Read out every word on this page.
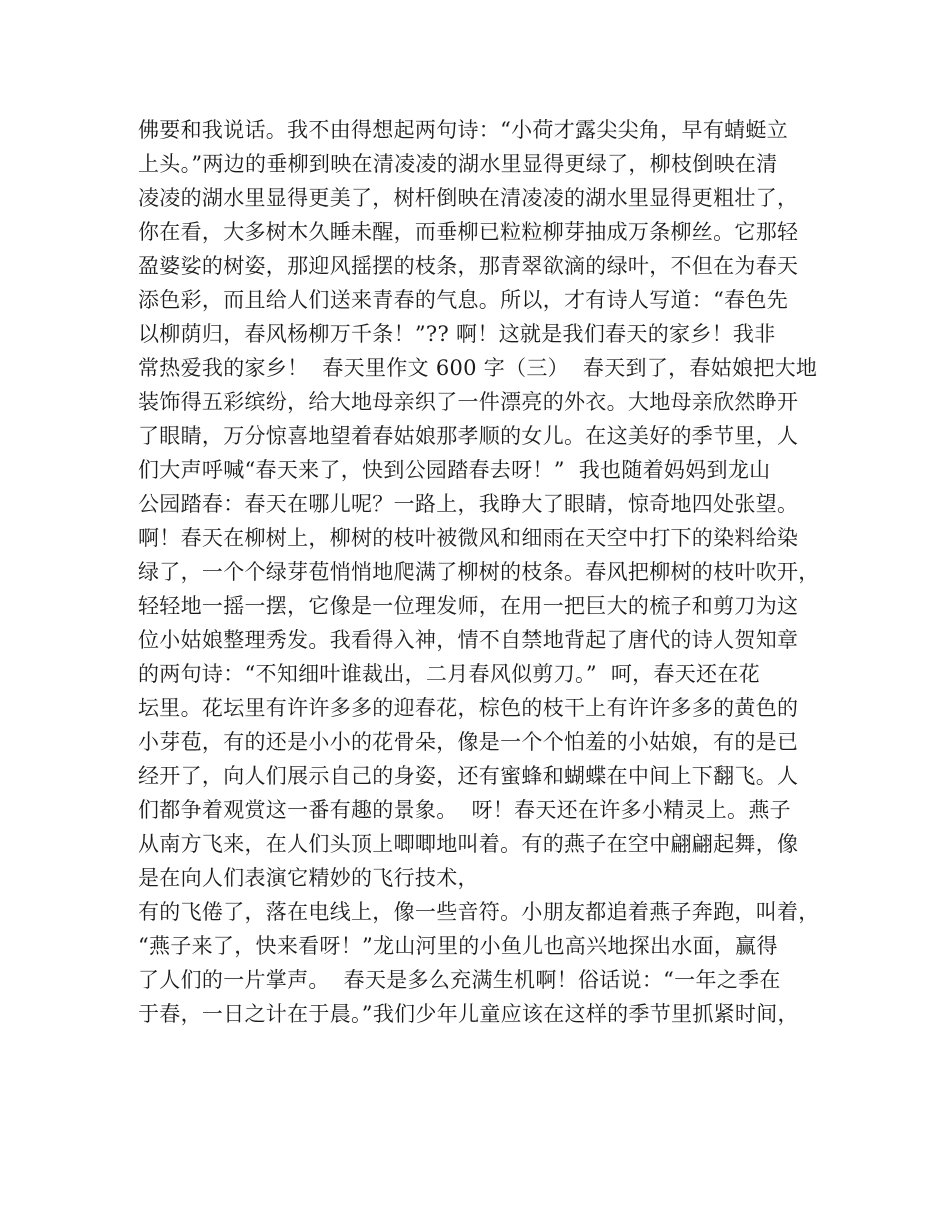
佛要和我说话。我不由得想起两句诗：“小荷才露尖尖角，早有蜻蜓立
上头。”两边的垂柳到映在清凌凌的湖水里显得更绿了，柳枝倒映在清
凌凌的湖水里显得更美了，树杆倒映在清凌凌的湖水里显得更粗壮了，
你在看，大多树木久睡未醒，而垂柳已粒粒柳芽抽成万条柳丝。它那轻
盈婆娑的树姿，那迎风摇摆的枝条，那青翠欲滴的绿叶，不但在为春天
添色彩，而且给人们送来青春的气息。所以，才有诗人写道：“春色先
以柳荫归，春风杨柳万千条！”?? 啊！这就是我们春天的家乡！我非
常热爱我的家乡！  春天里作文 600 字（三）  春天到了，春姑娘把大地
装饰得五彩缤纷，给大地母亲织了一件漂亮的外衣。大地母亲欣然睁开
了眼睛，万分惊喜地望着春姑娘那孝顺的女儿。在这美好的季节里，人
们大声呼喊“春天来了，快到公园踏春去呀！”  我也随着妈妈到龙山
公园踏春：春天在哪儿呢？一路上，我睁大了眼睛，惊奇地四处张望。
啊！春天在柳树上，柳树的枝叶被微风和细雨在天空中打下的染料给染
绿了，一个个绿芽苞悄悄地爬满了柳树的枝条。春风把柳树的枝叶吹开，
轻轻地一摇一摆，它像是一位理发师，在用一把巨大的梳子和剪刀为这
位小姑娘整理秀发。我看得入神，情不自禁地背起了唐代的诗人贺知章
的两句诗：“不知细叶谁裁出，二月春风似剪刀。”  呵，春天还在花
坛里。花坛里有许许多多的迎春花，棕色的枝干上有许许多多的黄色的
小芽苞，有的还是小小的花骨朵，像是一个个怕羞的小姑娘，有的是已
经开了，向人们展示自己的身姿，还有蜜蜂和蝴蝶在中间上下翻飞。人
们都争着观赏这一番有趣的景象。  呀！春天还在许多小精灵上。燕子
从南方飞来，在人们头顶上唧唧地叫着。有的燕子在空中翩翩起舞，像
是在向人们表演它精妙的飞行技术，
有的飞倦了，落在电线上，像一些音符。小朋友都追着燕子奔跑，叫着，
“燕子来了，快来看呀！”龙山河里的小鱼儿也高兴地探出水面，赢得
了人们的一片掌声。  春天是多么充满生机啊！俗话说：“一年之季在
于春，一日之计在于晨。”我们少年儿童应该在这样的季节里抓紧时间，
